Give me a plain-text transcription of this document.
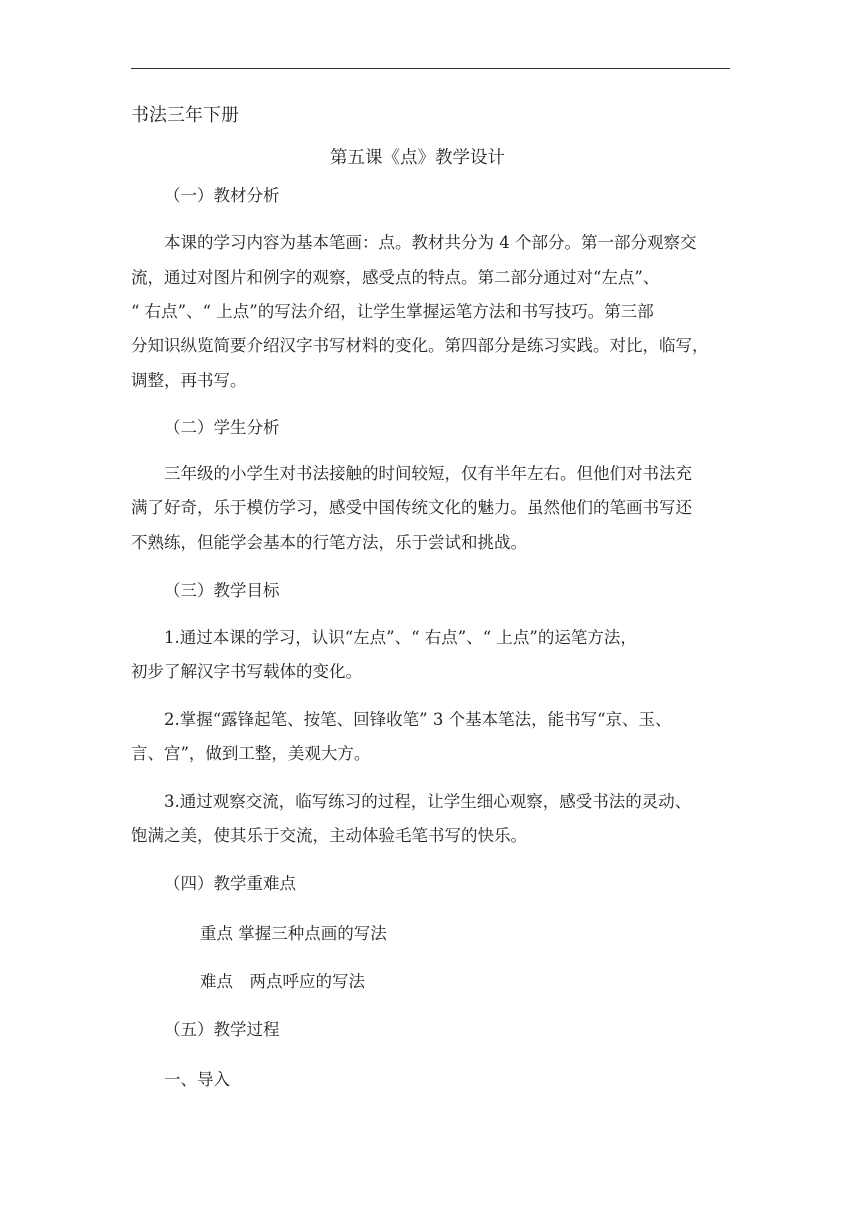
书法三年下册
第五课《点》教学设计
（一）教材分析
本课的学习内容为基本笔画：点。教材共分为 4 个部分。第一部分观察交
流，通过对图片和例字的观察，感受点的特点。第二部分通过对“左点”、
“ 右点”、“ 上点”的写法介绍，让学生掌握运笔方法和书写技巧。第三部
分知识纵览简要介绍汉字书写材料的变化。第四部分是练习实践。对比，临写，
调整，再书写。
（二）学生分析
三年级的小学生对书法接触的时间较短，仅有半年左右。但他们对书法充
满了好奇，乐于模仿学习，感受中国传统文化的魅力。虽然他们的笔画书写还
不熟练，但能学会基本的行笔方法，乐于尝试和挑战。
（三）教学目标
1.通过本课的学习，认识“左点”、“ 右点”、“ 上点”的运笔方法，
初步了解汉字书写载体的变化。
2.掌握“露锋起笔、按笔、回锋收笔” 3 个基本笔法，能书写“京、玉、
言、宫”，做到工整，美观大方。
3.通过观察交流，临写练习的过程，让学生细心观察，感受书法的灵动、
饱满之美，使其乐于交流，主动体验毛笔书写的快乐。
（四）教学重难点
重点 掌握三种点画的写法
难点　两点呼应的写法
（五）教学过程
一、导入
